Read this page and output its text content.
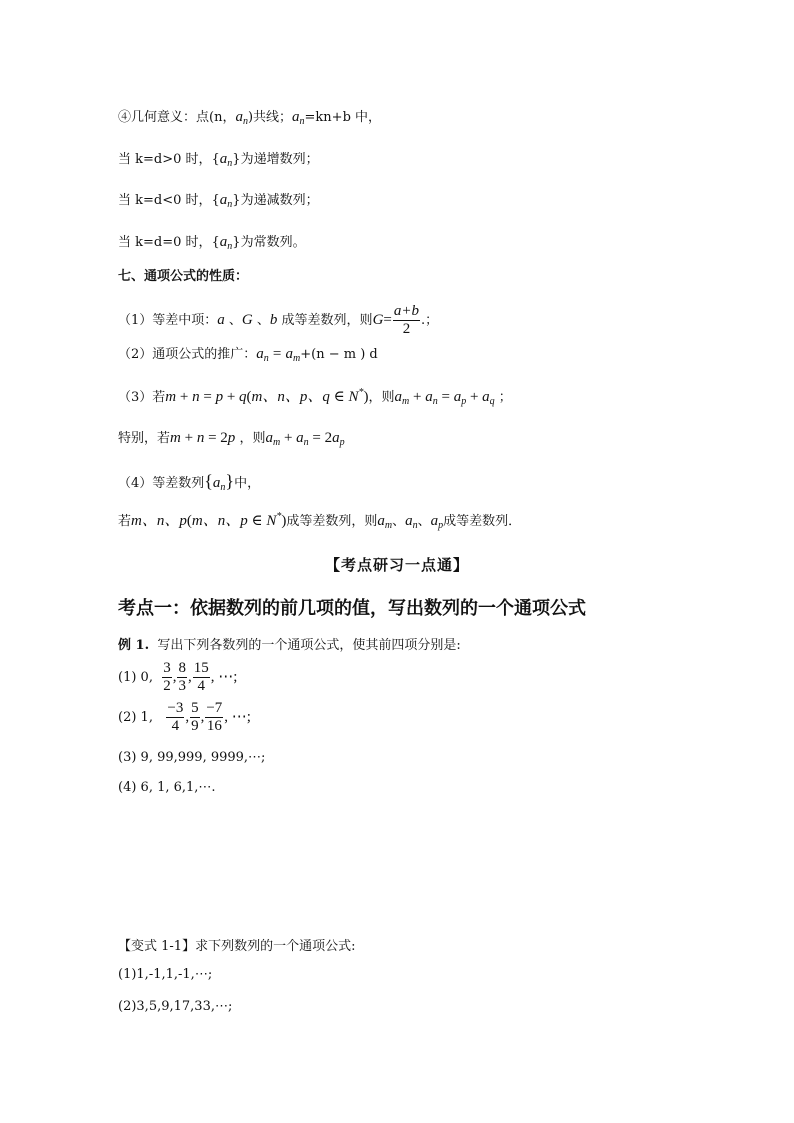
④几何意义：点(n，$a_n$)共线；$a_n=kn+b$ 中，
当 k=d>0 时，$\{a_n\}$为递增数列；
当 k=d<0 时，$\{a_n\}$为递减数列；
当 k=d=0 时，$\{a_n\}$为常数列。
七、通项公式的性质：
（1）等差中项：a 、G 、b 成等差数列，则$G= \frac{a+b}{2}$ .；
（2）通项公式的推广：$a_n = a_m+(n - m$ ) d
（3）若m + n = p + q(m、n、p、q ∈ N*)，则$a_m + a_n = a_p + a_q$ ；
特别，若m + n = 2p ，则$a_m + a_n = 2a_p$
（4）等差数列$\{a_n\}$中，
若m、n、p(m、n、p ∈ N*)成等差数列，则$a_m$、$a_n$、$a_p$成等差数列．
【考点研习一点通】
考点一：依据数列的前几项的值，写出数列的一个通项公式
例 1. 写出下列各数列的一个通项公式，使其前四项分别是:
(1) 0, $\frac{3}{2}$ , $\frac{8}{3}$ , $\frac{15}{4}$ , ⋯;
(2) 1, $\frac{-3}{4}$ , $\frac{5}{9}$ , $\frac{-7}{16}$ , ⋯;
(3) 9, 99,999, 9999,⋯;
(4) 6, 1, 6,1,⋯.
【变式 1-1】求下列数列的一个通项公式:
(1)1,-1,1,-1,⋯;
(2)3,5,9,17,33,⋯;
